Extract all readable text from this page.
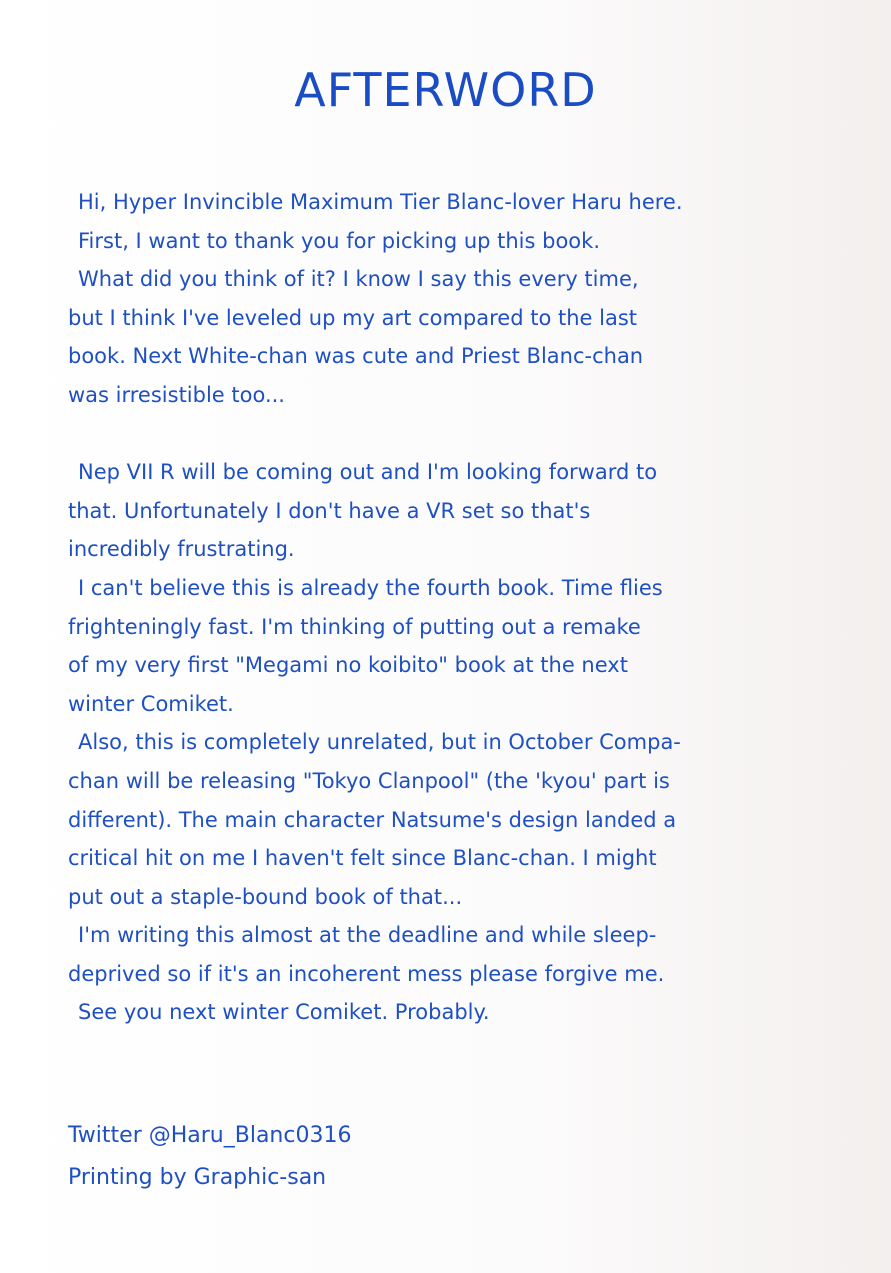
AFTERWORD
Hi, Hyper Invincible Maximum Tier Blanc-lover Haru here.
First, I want to thank you for picking up this book.
What did you think of it? I know I say this every time,
but I think I've leveled up my art compared to the last
book. Next White-chan was cute and Priest Blanc-chan
was irresistible too...
Nep VII R will be coming out and I'm looking forward to
that. Unfortunately I don't have a VR set so that's
incredibly frustrating.
I can't believe this is already the fourth book. Time flies
frighteningly fast. I'm thinking of putting out a remake
of my very first "Megami no koibito" book at the next
winter Comiket.
Also, this is completely unrelated, but in October Compa-
chan will be releasing "Tokyo Clanpool" (the 'kyou' part is
different). The main character Natsume's design landed a
critical hit on me I haven't felt since Blanc-chan. I might
put out a staple-bound book of that...
I'm writing this almost at the deadline and while sleep-
deprived so if it's an incoherent mess please forgive me.
See you next winter Comiket. Probably.
Twitter @Haru_Blanc0316
Printing by Graphic-san
